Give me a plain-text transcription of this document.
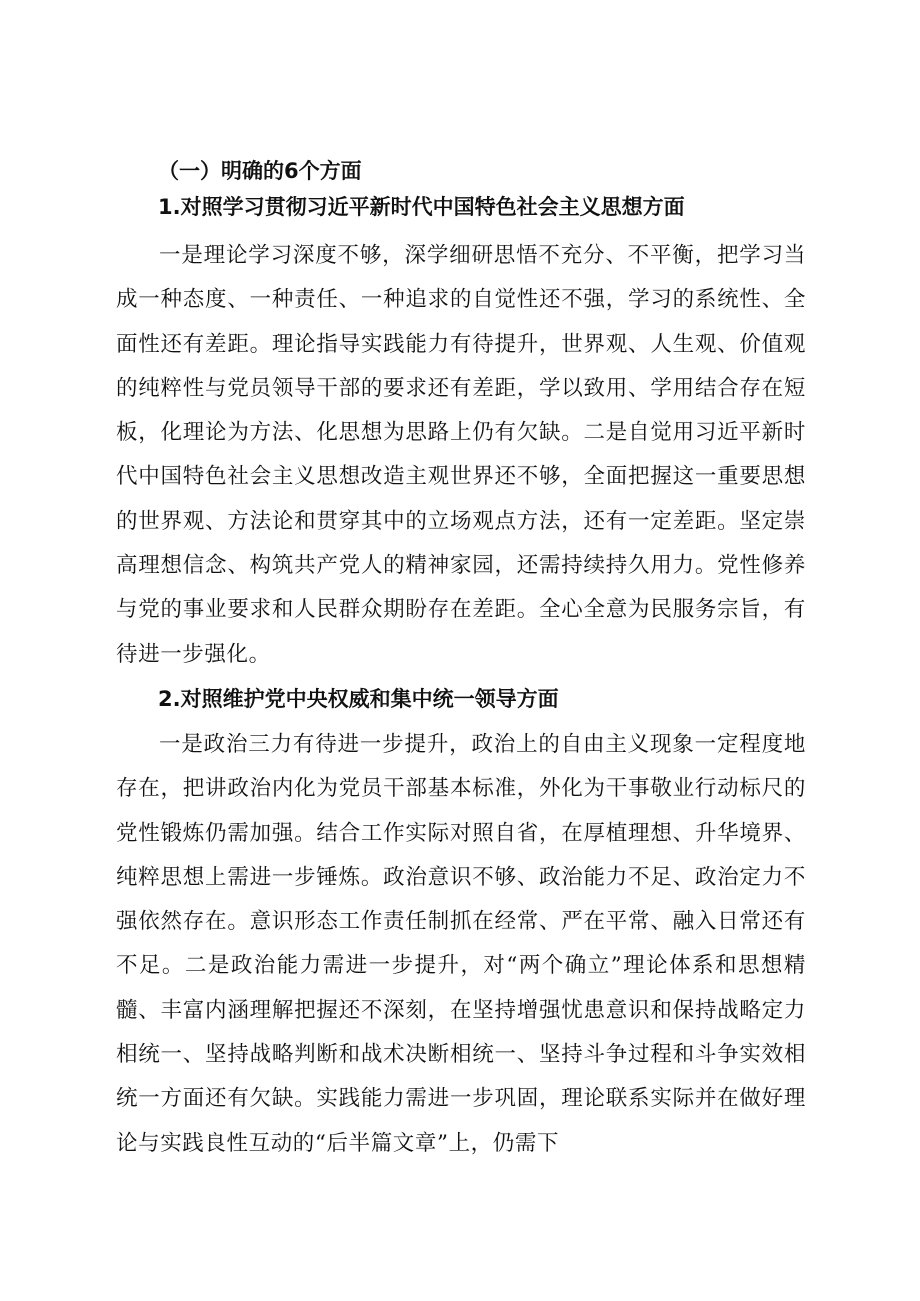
（一）明确的6个方面

1.对照学习贯彻习近平新时代中国特色社会主义思想方面

一是理论学习深度不够，深学细研思悟不充分、不平衡，把学习当成一种态度、一种责任、一种追求的自觉性还不强，学习的系统性、全面性还有差距。理论指导实践能力有待提升，世界观、人生观、价值观的纯粹性与党员领导干部的要求还有差距，学以致用、学用结合存在短板，化理论为方法、化思想为思路上仍有欠缺。二是自觉用习近平新时代中国特色社会主义思想改造主观世界还不够，全面把握这一重要思想的世界观、方法论和贯穿其中的立场观点方法，还有一定差距。坚定崇高理想信念、构筑共产党人的精神家园，还需持续持久用力。党性修养与党的事业要求和人民群众期盼存在差距。全心全意为民服务宗旨，有待进一步强化。

2.对照维护党中央权威和集中统一领导方面

一是政治三力有待进一步提升，政治上的自由主义现象一定程度地存在，把讲政治内化为党员干部基本标准，外化为干事敬业行动标尺的党性锻炼仍需加强。结合工作实际对照自省，在厚植理想、升华境界、纯粹思想上需进一步锤炼。政治意识不够、政治能力不足、政治定力不强依然存在。意识形态工作责任制抓在经常、严在平常、融入日常还有不足。二是政治能力需进一步提升，对“两个确立”理论体系和思想精髓、丰富内涵理解把握还不深刻，在坚持增强忧患意识和保持战略定力相统一、坚持战略判断和战术决断相统一、坚持斗争过程和斗争实效相统一方面还有欠缺。实践能力需进一步巩固，理论联系实际并在做好理论与实践良性互动的“后半篇文章”上，仍需下
